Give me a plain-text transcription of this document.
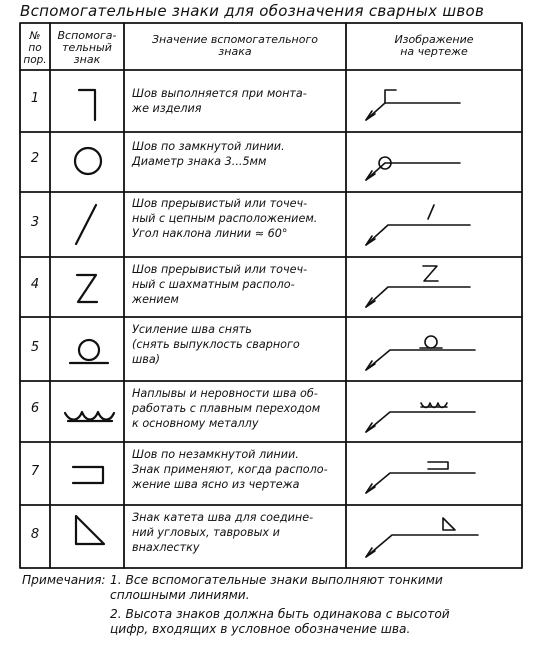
Вспомогательные знаки для обозначения сварных швов
№
по
пор.
Вспомога-
тельный
знак
Значение вспомогательного
знака
Изображение
на чертеже
1
2
3
4
5
6
7
8
Шов выполняется при монта-
же изделия
Шов по замкнутой линии.
Диаметр знака 3...5мм
Шов прерывистый или точеч-
ный с цепным расположением.
Угол наклона линии ≈ 60°
Шов прерывистый или точеч-
ный с шахматным располо-
жением
Усиление шва снять
(снять выпуклость сварного
шва)
Наплывы и неровности шва об-
работать с плавным переходом
к основному металлу
Шов по незамкнутой линии.
Знак применяют, когда располо-
жение шва ясно из чертежа
Знак катета шва для соедине-
ний угловых, тавровых и
внахлестку
Примечания: 1. Все вспомогательные знаки выполняют тонкими
сплошными линиями.
2. Высота знаков должна быть одинакова с высотой
цифр, входящих в условное обозначение шва.
